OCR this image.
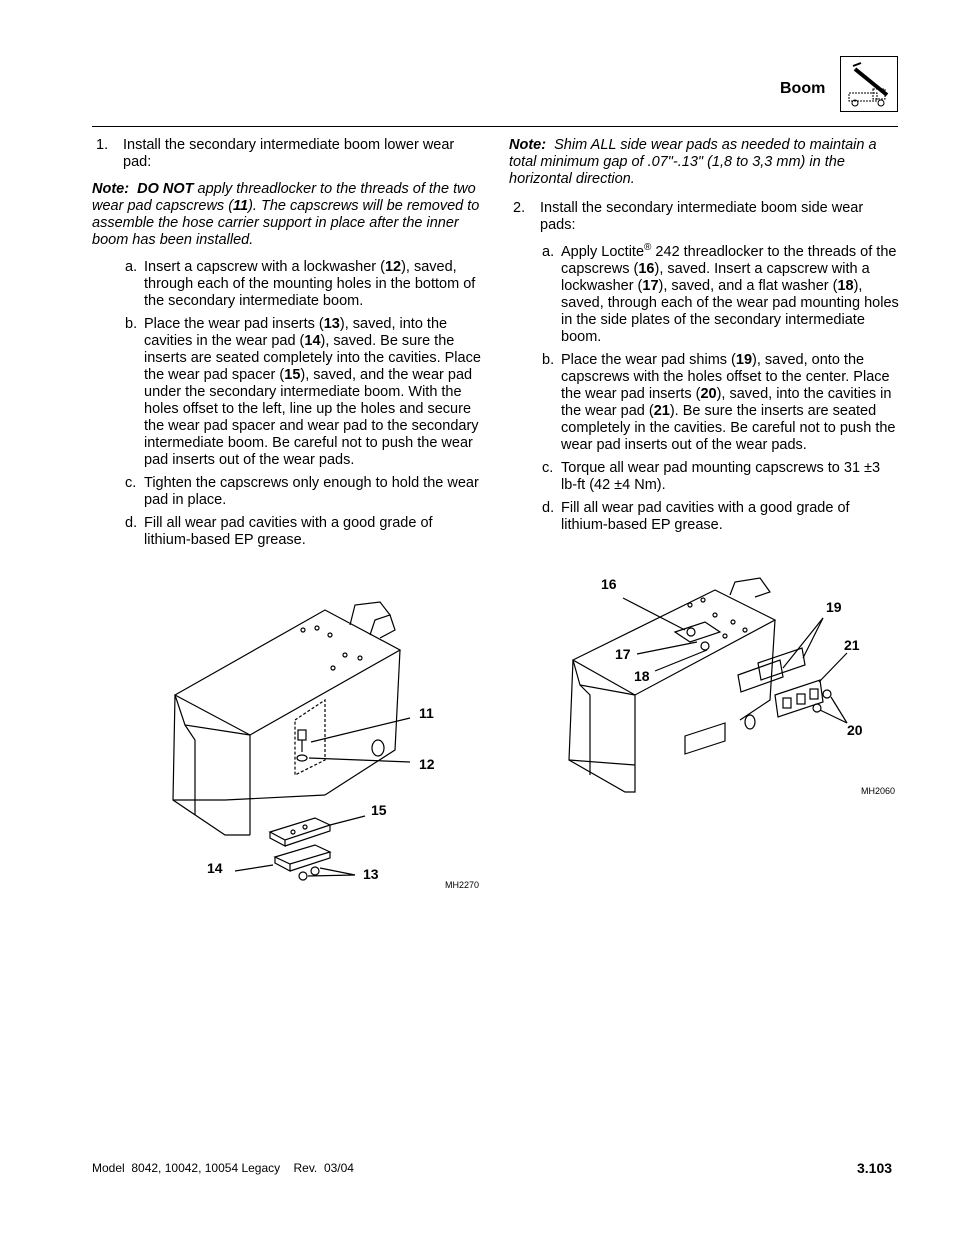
Boom
1.	Install the secondary intermediate boom lower wear pad:

Note: DO NOT apply threadlocker to the threads of the two wear pad capscrews (11). The capscrews will be removed to assemble the hose carrier support in place after the inner boom has been installed.

a. Insert a capscrew with a lockwasher (12), saved, through each of the mounting holes in the bottom of the secondary intermediate boom.
b. Place the wear pad inserts (13), saved, into the cavities in the wear pad (14), saved. Be sure the inserts are seated completely into the cavities. Place the wear pad spacer (15), saved, and the wear pad under the secondary intermediate boom. With the holes offset to the left, line up the holes and secure the wear pad spacer and wear pad to the secondary intermediate boom. Be careful not to push the wear pad inserts out of the wear pads.
c. Tighten the capscrews only enough to hold the wear pad in place.
d. Fill all wear pad cavities with a good grade of lithium-based EP grease.
11
12
15
14	13
MH2270

Note: Shim ALL side wear pads as needed to maintain a total minimum gap of .07"-.13" (1,8 to 3,3 mm) in the horizontal direction.

2.	Install the secondary intermediate boom side wear pads:
a. Apply Loctite® 242 threadlocker to the threads of the capscrews (16), saved. Insert a capscrew with a lockwasher (17), saved, and a flat washer (18), saved, through each of the wear pad mounting holes in the side plates of the secondary intermediate boom.
b. Place the wear pad shims (19), saved, onto the capscrews with the holes offset to the center. Place the wear pad inserts (20), saved, into the cavities in the wear pad (21). Be sure the inserts are seated completely in the cavities. Be careful not to push the wear pad inserts out of the wear pads.
c. Torque all wear pad mounting capscrews to 31 ±3 lb-ft (42 ±4 Nm).
d. Fill all wear pad cavities with a good grade of lithium-based EP grease.
16
19
21
17
18
20
MH2060
Model  8042, 10042, 10054 Legacy    Rev.  03/04	3.103
